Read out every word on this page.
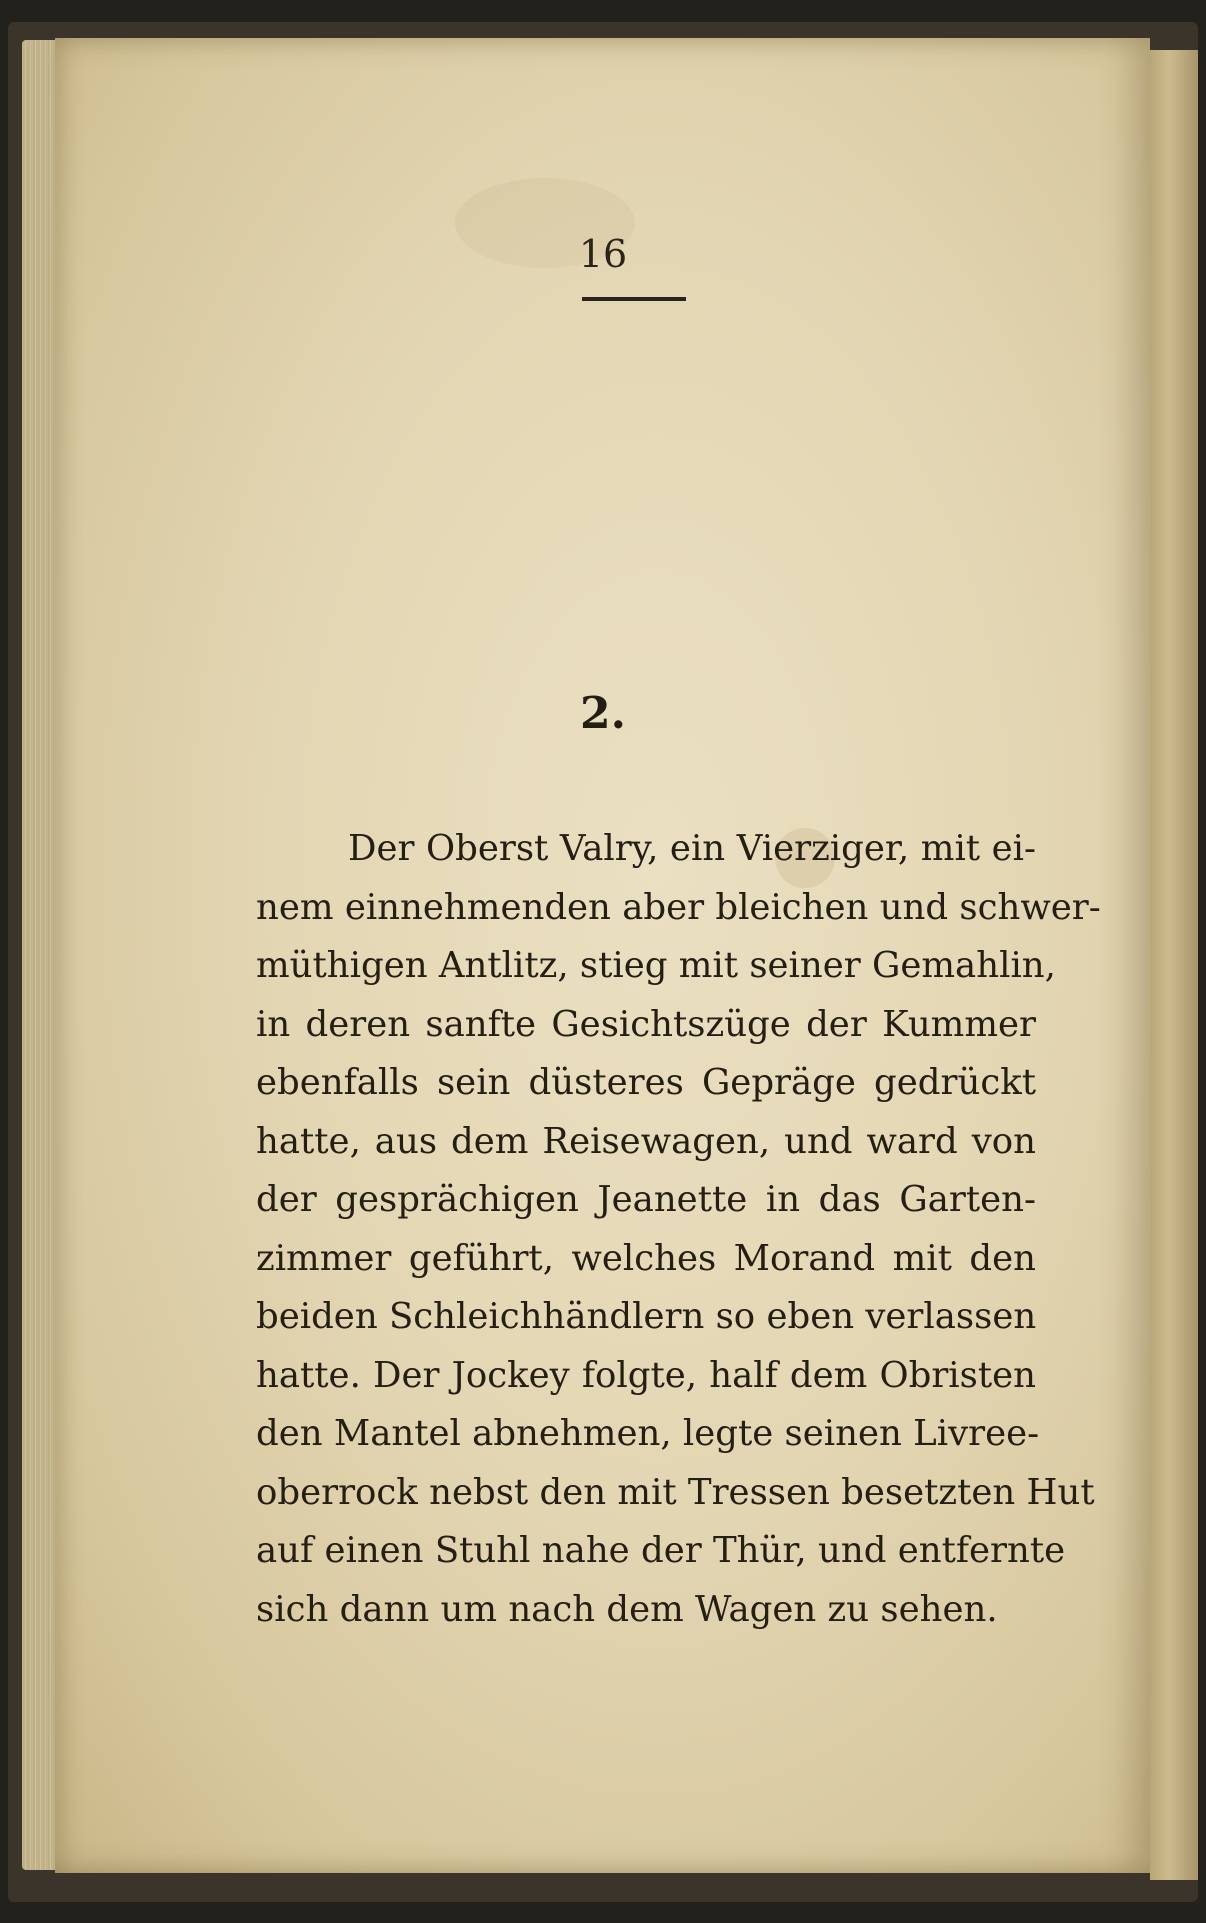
16
2.
Der Oberst Valry, ein Vierziger, mit ei-
nem einnehmenden aber bleichen und schwer-
müthigen Antlitz, stieg mit seiner Gemahlin,
in deren sanfte Gesichtszüge der Kummer
ebenfalls sein düsteres Gepräge gedrückt
hatte, aus dem Reisewagen, und ward von
der gesprächigen Jeanette in das Garten-
zimmer geführt, welches Morand mit den
beiden Schleichhändlern so eben verlassen
hatte. Der Jockey folgte, half dem Obristen
den Mantel abnehmen, legte seinen Livree-
oberrock nebst den mit Tressen besetzten Hut
auf einen Stuhl nahe der Thür, und entfernte
sich dann um nach dem Wagen zu sehen.
